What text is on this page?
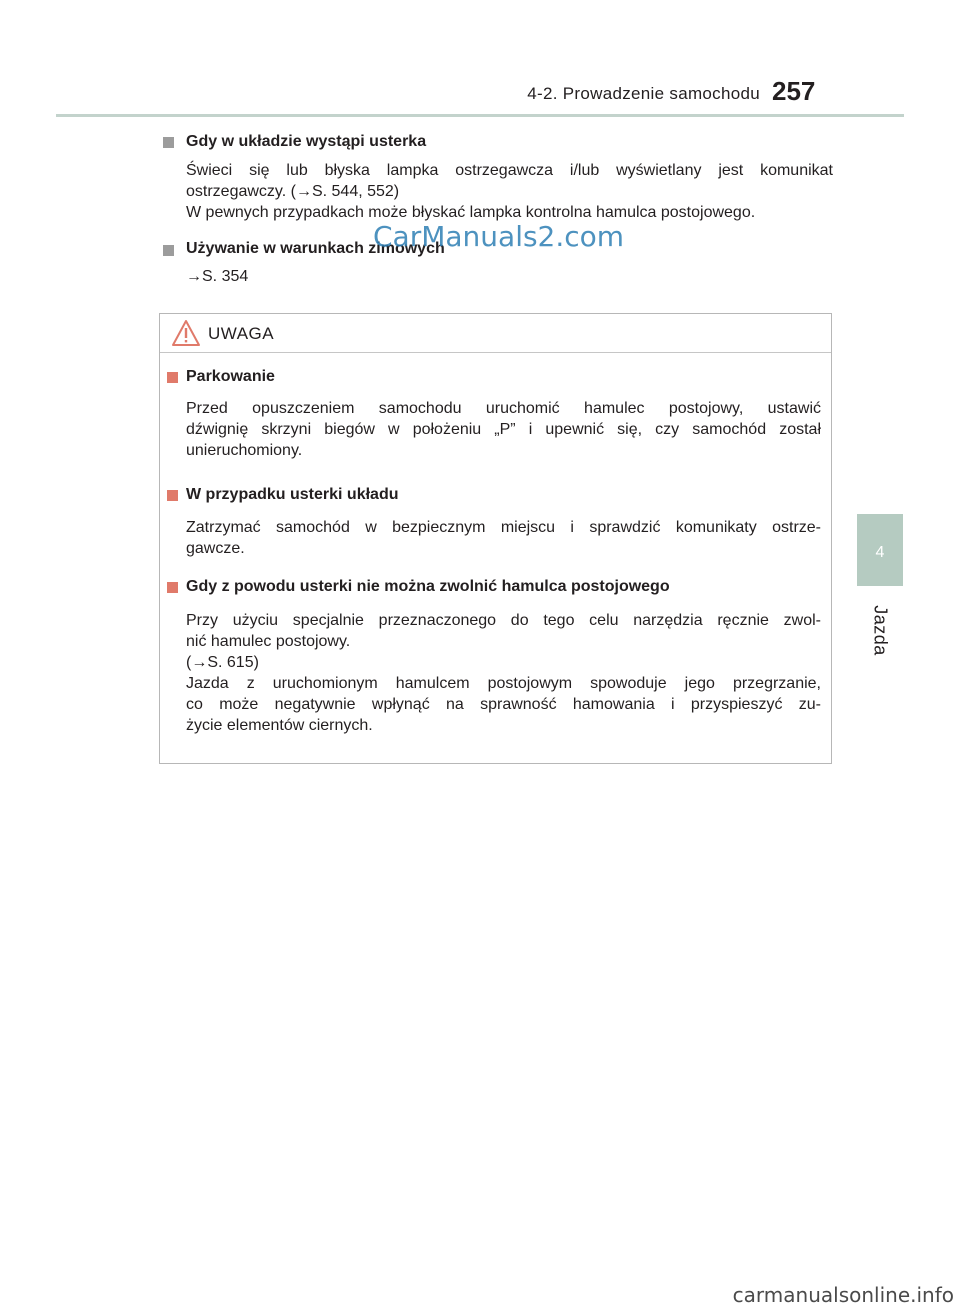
4-2. Prowadzenie samochodu 257
4
Jazda
Gdy w układzie wystąpi usterka
Świeci się lub błyska lampka ostrzegawcza i/lub wyświetlany jest komunikat
ostrzegawczy. (→S. 544, 552)
W pewnych przypadkach może błyskać lampka kontrolna hamulca postojowego.
Używanie w warunkach zimowych
→S. 354
CarManuals2.com
UWAGA
Parkowanie
Przed opuszczeniem samochodu uruchomić hamulec postojowy, ustawić
dźwignię skrzyni biegów w położeniu „P” i upewnić się, czy samochód został
unieruchomiony.
W przypadku usterki układu
Zatrzymać samochód w bezpiecznym miejscu i sprawdzić komunikaty ostrze-
gawcze.
Gdy z powodu usterki nie można zwolnić hamulca postojowego
Przy użyciu specjalnie przeznaczonego do tego celu narzędzia ręcznie zwol-
nić hamulec postojowy.
(→S. 615)
Jazda z uruchomionym hamulcem postojowym spowoduje jego przegrzanie,
co może negatywnie wpłynąć na sprawność hamowania i przyspieszyć zu-
życie elementów ciernych.
carmanualsonline.info
